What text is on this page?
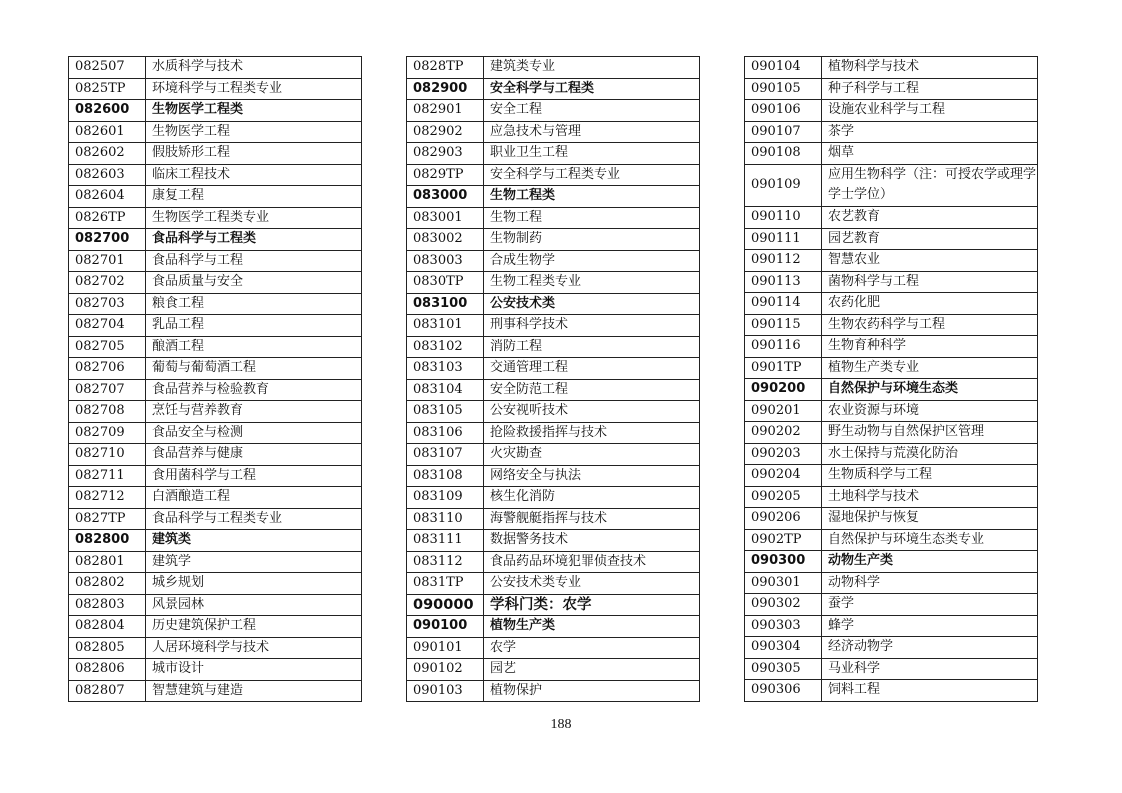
082507	水质科学与技术
0825TP	环境科学与工程类专业
082600	生物医学工程类
082601	生物医学工程
082602	假肢矫形工程
082603	临床工程技术
082604	康复工程
0826TP	生物医学工程类专业
082700	食品科学与工程类
082701	食品科学与工程
082702	食品质量与安全
082703	粮食工程
082704	乳品工程
082705	酿酒工程
082706	葡萄与葡萄酒工程
082707	食品营养与检验教育
082708	烹饪与营养教育
082709	食品安全与检测
082710	食品营养与健康
082711	食用菌科学与工程
082712	白酒酿造工程
0827TP	食品科学与工程类专业
082800	建筑类
082801	建筑学
082802	城乡规划
082803	风景园林
082804	历史建筑保护工程
082805	人居环境科学与技术
082806	城市设计
082807	智慧建筑与建造
0828TP	建筑类专业
082900	安全科学与工程类
082901	安全工程
082902	应急技术与管理
082903	职业卫生工程
0829TP	安全科学与工程类专业
083000	生物工程类
083001	生物工程
083002	生物制药
083003	合成生物学
0830TP	生物工程类专业
083100	公安技术类
083101	刑事科学技术
083102	消防工程
083103	交通管理工程
083104	安全防范工程
083105	公安视听技术
083106	抢险救援指挥与技术
083107	火灾勘查
083108	网络安全与执法
083109	核生化消防
083110	海警舰艇指挥与技术
083111	数据警务技术
083112	食品药品环境犯罪侦查技术
0831TP	公安技术类专业
090000	学科门类：农学
090100	植物生产类
090101	农学
090102	园艺
090103	植物保护
090104	植物科学与技术
090105	种子科学与工程
090106	设施农业科学与工程
090107	茶学
090108	烟草
090109	应用生物科学（注：可授农学或理学学士学位）
090110	农艺教育
090111	园艺教育
090112	智慧农业
090113	菌物科学与工程
090114	农药化肥
090115	生物农药科学与工程
090116	生物育种科学
0901TP	植物生产类专业
090200	自然保护与环境生态类
090201	农业资源与环境
090202	野生动物与自然保护区管理
090203	水土保持与荒漠化防治
090204	生物质科学与工程
090205	土地科学与技术
090206	湿地保护与恢复
0902TP	自然保护与环境生态类专业
090300	动物生产类
090301	动物科学
090302	蚕学
090303	蜂学
090304	经济动物学
090305	马业科学
090306	饲料工程
188
